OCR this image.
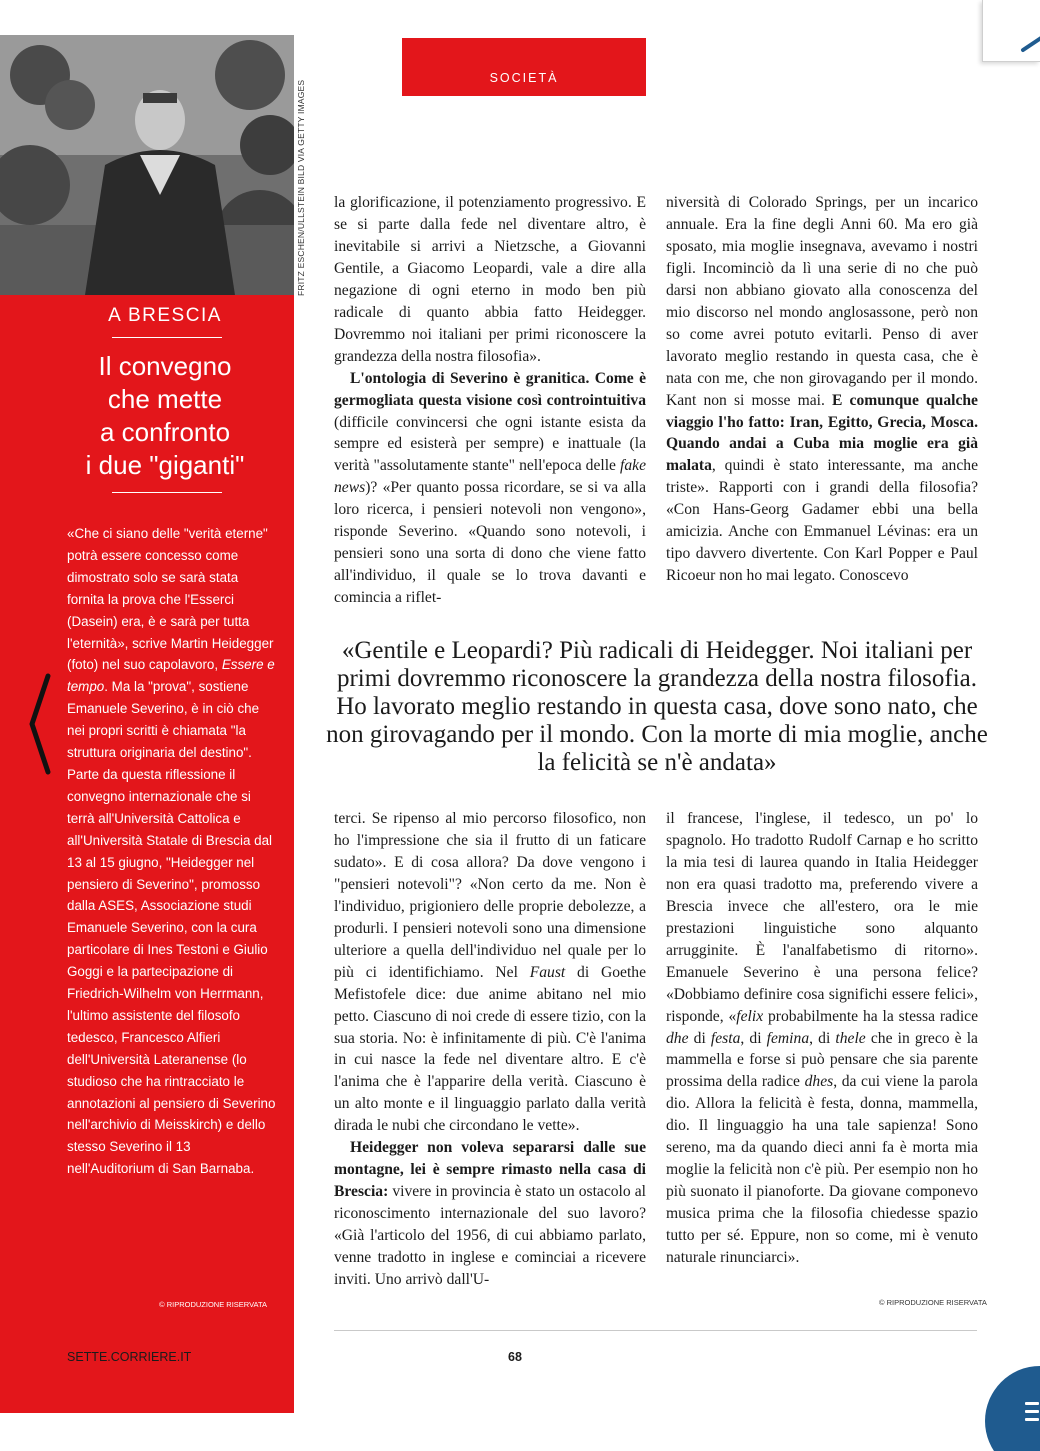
A BRESCIA
Il convegno
che mette
a confronto
i due "giganti"

«Che ci siano delle "verità eterne" potrà essere concesso come dimostrato solo se sarà stata fornita la prova che l'Esserci (Dasein) era, è e sarà per tutta l'eternità», scrive Martin Heidegger (foto) nel suo capolavoro, Essere e tempo. Ma la "prova", sostiene Emanuele Severino, è in ciò che nei propri scritti è chiamata "la struttura originaria del destino".

Parte da questa riflessione il convegno internazionale che si terrà all'Università Cattolica e all'Università Statale di Brescia dal 13 al 15 giugno, "Heidegger nel pensiero di Severino", promosso dalla ASES, Associazione studi Emanuele Severino, con la cura particolare di Ines Testoni e Giulio Goggi e la partecipazione di Friedrich-Wilhelm von Herrmann, l'ultimo assistente del filosofo tedesco, Francesco Alfieri dell'Università Lateranense (lo studioso che ha rintracciato le annotazioni al pensiero di Severino nell'archivio di Meisskirch) e dello stesso Severino il 13 nell'Auditorium di San Barnaba.

© RIPRODUZIONE RISERVATA
FRITZ ESCHEN/ULLSTEIN BILD VIA GETTY IMAGES
SOCIETÀ

la glorificazione, il potenziamento progressivo. E se si parte dalla fede nel diventare altro, è inevitabile si arrivi a Nietzsche, a Giovanni Gentile, a Giacomo Leopardi, vale a dire alla negazione di ogni eterno in modo ben più radicale di quanto abbia fatto Heidegger. Dovremmo noi italiani per primi riconoscere la grandezza della nostra filosofia».

L'ontologia di Severino è granitica. Come è germogliata questa visione così controintuitiva (difficile convincersi che ogni istante esista da sempre ed esisterà per sempre) e inattuale (la verità "assolutamente stante" nell'epoca delle fake news)? «Per quanto possa ricordare, se si va alla loro ricerca, i pensieri notevoli non vengono», risponde Severino. «Quando sono notevoli, i pensieri sono una sorta di dono che viene fatto all'individuo, il quale se lo trova davanti e comincia a riflet-

niversità di Colorado Springs, per un incarico annuale. Era la fine degli Anni 60. Ma ero già sposato, mia moglie insegnava, avevamo i nostri figli. Incominciò da lì una serie di no che può darsi non abbiano giovato alla conoscenza del mio discorso nel mondo anglosassone, però non so come avrei potuto evitarli. Penso di aver lavorato meglio restando in questa casa, che è nata con me, che non girovagando per il mondo. Kant non si mosse mai. E comunque qualche viaggio l'ho fatto: Iran, Egitto, Grecia, Mosca. Quando andai a Cuba mia moglie era già malata, quindi è stato interessante, ma anche triste». Rapporti con i grandi della filosofia? «Con Hans-Georg Gadamer ebbi una bella amicizia. Anche con Emmanuel Lévinas: era un tipo davvero divertente. Con Karl Popper e Paul Ricoeur non ho mai legato. Conoscevo

«Gentile e Leopardi? Più radicali di Heidegger. Noi italiani per primi dovremmo riconoscere la grandezza della nostra filosofia. Ho lavorato meglio restando in questa casa, dove sono nato, che non girovagando per il mondo. Con la morte di mia moglie, anche la felicità se n'è andata»

terci. Se ripenso al mio percorso filosofico, non ho l'impressione che sia il frutto di un faticare sudato». E di cosa allora? Da dove vengono i "pensieri notevoli"? «Non certo da me. Non è l'individuo, prigioniero delle proprie debolezze, a produrli. I pensieri notevoli sono una dimensione ulteriore a quella dell'individuo nel quale per lo più ci identifichiamo. Nel Faust di Goethe Mefistofele dice: due anime abitano nel mio petto. Ciascuno di noi crede di essere tizio, con la sua storia. No: è infinitamente di più. C'è l'anima in cui nasce la fede nel diventare altro. E c'è l'anima che è l'apparire della verità. Ciascuno è un alto monte e il linguaggio parlato dalla verità dirada le nubi che circondano le vette».

Heidegger non voleva separarsi dalle sue montagne, lei è sempre rimasto nella casa di Brescia: vivere in provincia è stato un ostacolo al riconoscimento internazionale del suo lavoro? «Già l'articolo del 1956, di cui abbiamo parlato, venne tradotto in inglese e cominciai a ricevere inviti. Uno arrivò dall'U-

il francese, l'inglese, il tedesco, un po' lo spagnolo. Ho tradotto Rudolf Carnap e ho scritto la mia tesi di laurea quando in Italia Heidegger non era quasi tradotto ma, preferendo vivere a Brescia invece che all'estero, ora le mie prestazioni linguistiche sono alquanto arrugginite. È l'analfabetismo di ritorno». Emanuele Severino è una persona felice? «Dobbiamo definire cosa significhi essere felici», risponde, «felix probabilmente ha la stessa radice dhe di festa, di femina, di thele che in greco è la mammella e forse si può pensare che sia parente prossima della radice dhes, da cui viene la parola dio. Allora la felicità è festa, donna, mammella, dio. Il linguaggio ha una tale sapienza! Sono sereno, ma da quando dieci anni fa è morta mia moglie la felicità non c'è più. Per esempio non ho più suonato il pianoforte. Da giovane componevo musica prima che la filosofia chiedesse spazio tutto per sé. Eppure, non so come, mi è venuto naturale rinunciarci».

© RIPRODUZIONE RISERVATA
SETTE.CORRIERE.IT	68
